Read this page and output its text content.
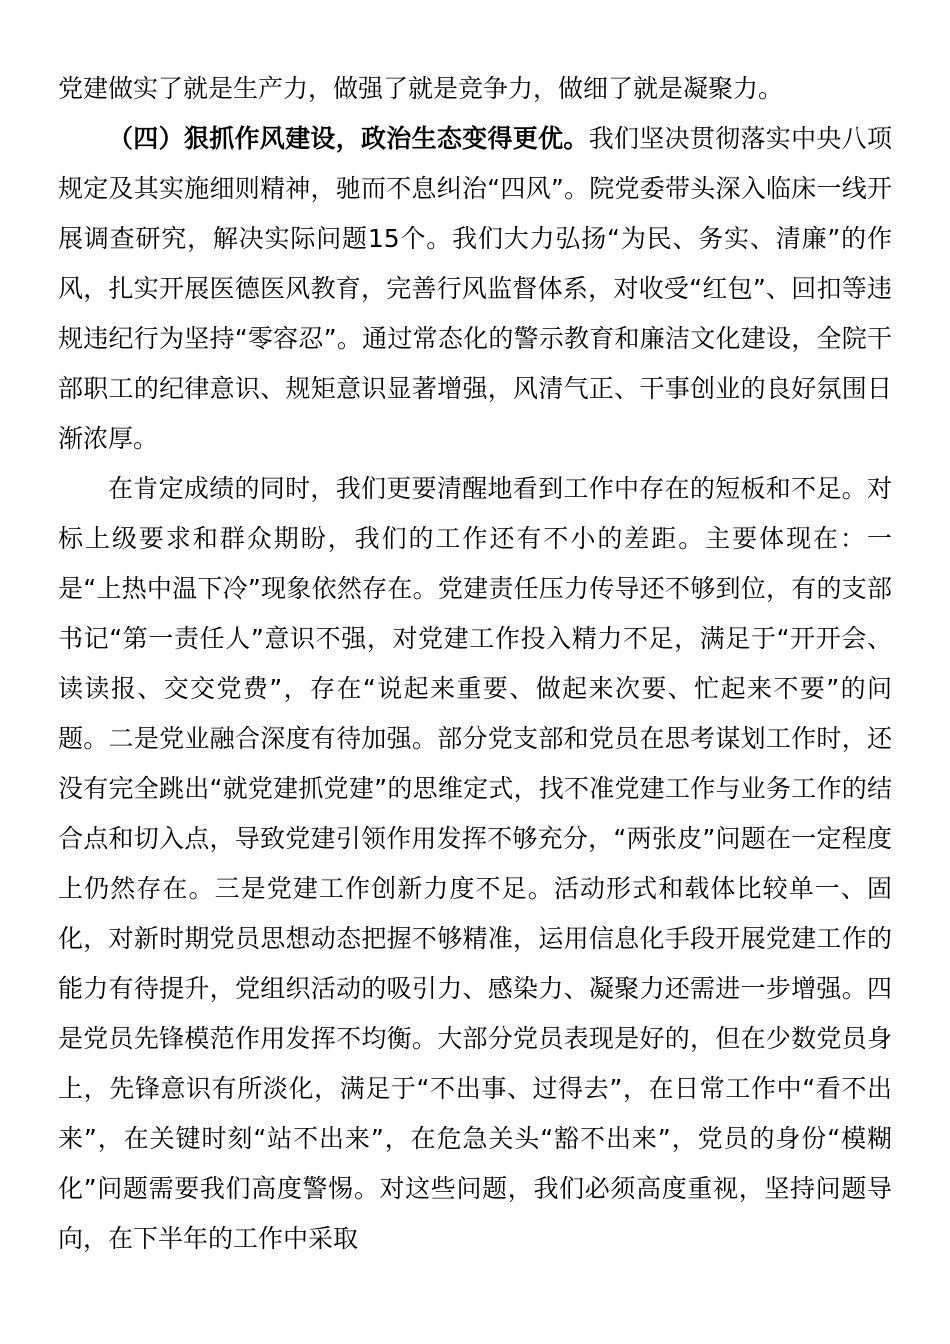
党建做实了就是生产力，做强了就是竞争力，做细了就是凝聚力。

（四）狠抓作风建设，政治生态变得更优。我们坚决贯彻落实中央八项规定及其实施细则精神，驰而不息纠治“四风”。院党委带头深入临床一线开展调查研究，解决实际问题15个。我们大力弘扬“为民、务实、清廉”的作风，扎实开展医德医风教育，完善行风监督体系，对收受“红包”、回扣等违规违纪行为坚持“零容忍”。通过常态化的警示教育和廉洁文化建设，全院干部职工的纪律意识、规矩意识显著增强，风清气正、干事创业的良好氛围日渐浓厚。

在肯定成绩的同时，我们更要清醒地看到工作中存在的短板和不足。对标上级要求和群众期盼，我们的工作还有不小的差距。主要体现在：一是“上热中温下冷”现象依然存在。党建责任压力传导还不够到位，有的支部书记“第一责任人”意识不强，对党建工作投入精力不足，满足于“开开会、读读报、交交党费”，存在“说起来重要、做起来次要、忙起来不要”的问题。二是党业融合深度有待加强。部分党支部和党员在思考谋划工作时，还没有完全跳出“就党建抓党建”的思维定式，找不准党建工作与业务工作的结合点和切入点，导致党建引领作用发挥不够充分，“两张皮”问题在一定程度上仍然存在。三是党建工作创新力度不足。活动形式和载体比较单一、固化，对新时期党员思想动态把握不够精准，运用信息化手段开展党建工作的能力有待提升，党组织活动的吸引力、感染力、凝聚力还需进一步增强。四是党员先锋模范作用发挥不均衡。大部分党员表现是好的，但在少数党员身上，先锋意识有所淡化，满足于“不出事、过得去”，在日常工作中“看不出来”，在关键时刻“站不出来”，在危急关头“豁不出来”，党员的身份“模糊化”问题需要我们高度警惕。对这些问题，我们必须高度重视，坚持问题导向，在下半年的工作中采取
